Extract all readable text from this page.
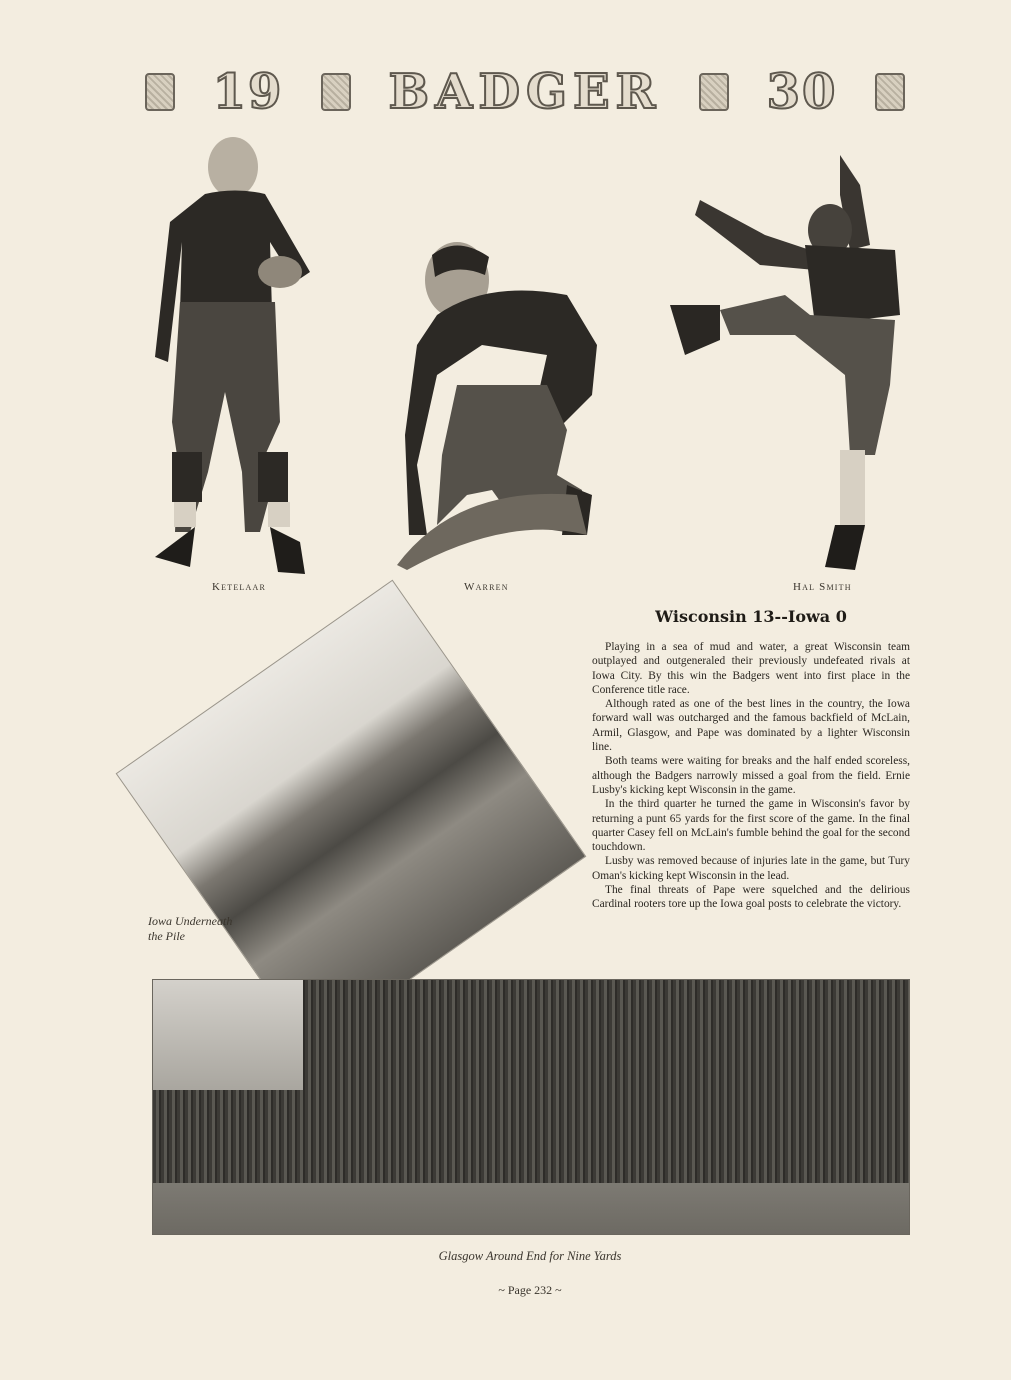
19 BADGER 30
Ketelaar	Warren	Hal Smith
Iowa Underneath the Pile
Wisconsin 13--Iowa 0

Playing in a sea of mud and water, a great Wisconsin team outplayed and outgeneraled their previously undefeated rivals at Iowa City. By this win the Badgers went into first place in the Conference title race.

Although rated as one of the best lines in the country, the Iowa forward wall was outcharged and the famous backfield of McLain, Armil, Glasgow, and Pape was dominated by a lighter Wisconsin line.

Both teams were waiting for breaks and the half ended scoreless, although the Badgers narrowly missed a goal from the field. Ernie Lusby's kicking kept Wisconsin in the game.

In the third quarter he turned the game in Wisconsin's favor by returning a punt 65 yards for the first score of the game. In the final quarter Casey fell on McLain's fumble behind the goal for the second touchdown.

Lusby was removed because of injuries late in the game, but Tury Oman's kicking kept Wisconsin in the lead.

The final threats of Pape were squelched and the delirious Cardinal rooters tore up the Iowa goal posts to celebrate the victory.

Glasgow Around End for Nine Yards
~ Page 232 ~
